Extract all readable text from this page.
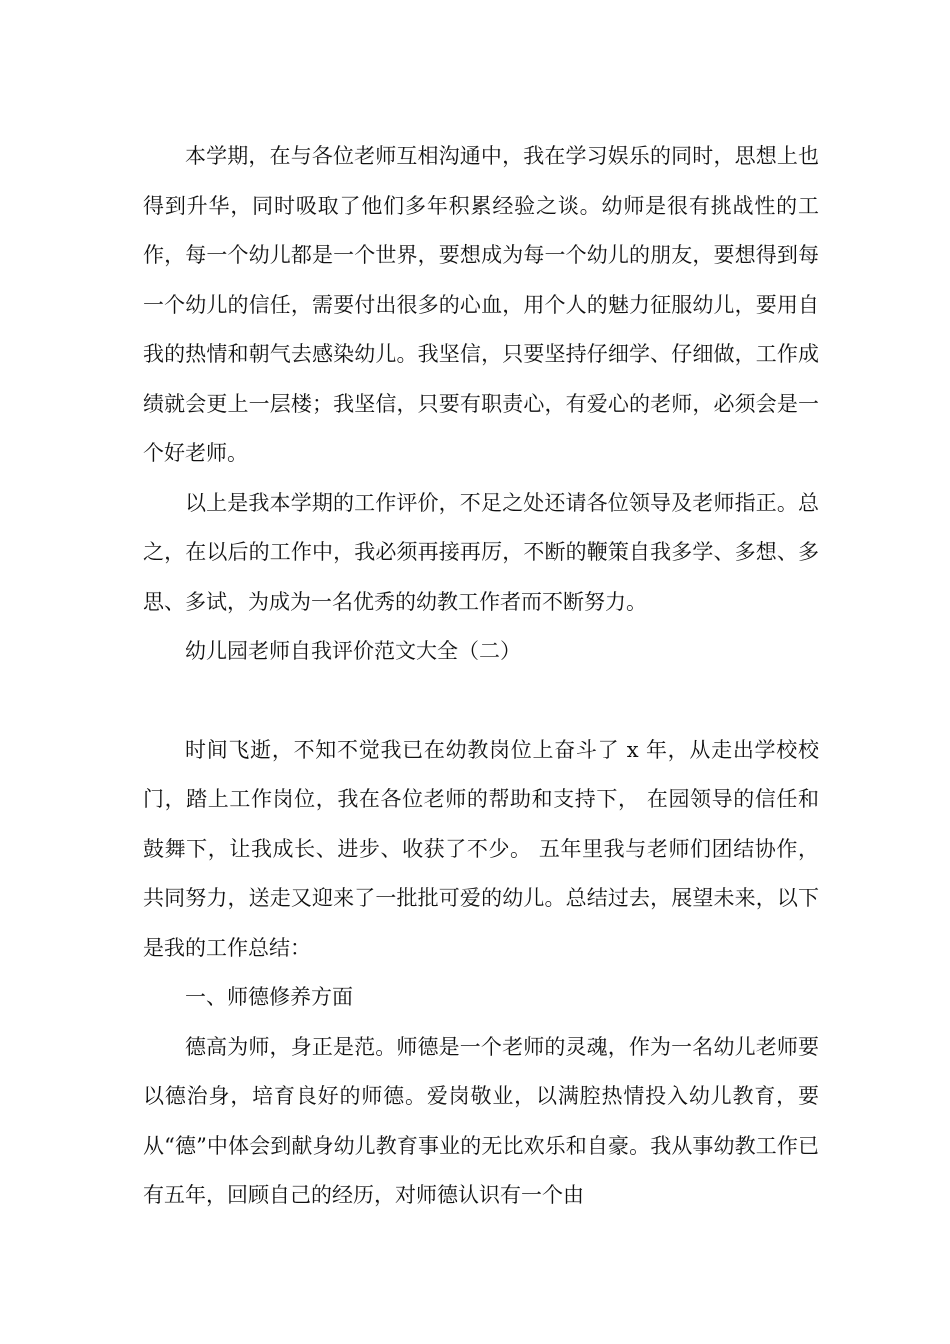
本学期，在与各位老师互相沟通中，我在学习娱乐的同时，思想上也得到升华，同时吸取了他们多年积累经验之谈。幼师是很有挑战性的工作，每一个幼儿都是一个世界，要想成为每一个幼儿的朋友，要想得到每一个幼儿的信任，需要付出很多的心血，用个人的魅力征服幼儿，要用自我的热情和朝气去感染幼儿。我坚信，只要坚持仔细学、仔细做，工作成绩就会更上一层楼；我坚信，只要有职责心，有爱心的老师，必须会是一个好老师。

以上是我本学期的工作评价，不足之处还请各位领导及老师指正。总之，在以后的工作中，我必须再接再厉，不断的鞭策自我多学、多想、多思、多试，为成为一名优秀的幼教工作者而不断努力。

幼儿园老师自我评价范文大全（二）

时间飞逝，不知不觉我已在幼教岗位上奋斗了 x 年，从走出学校校门，踏上工作岗位，我在各位老师的帮助和支持下， 在园领导的信任和鼓舞下，让我成长、进步、收获了不少。 五年里我与老师们团结协作，共同努力，送走又迎来了一批批可爱的幼儿。总结过去，展望未来，以下是我的工作总结：

一、师德修养方面

德高为师，身正是范。师德是一个老师的灵魂，作为一名幼儿老师要以德治身，培育良好的师德。爱岗敬业，以满腔热情投入幼儿教育，要从“德”中体会到献身幼儿教育事业的无比欢乐和自豪。我从事幼教工作已有五年，回顾自己的经历，对师德认识有一个由
